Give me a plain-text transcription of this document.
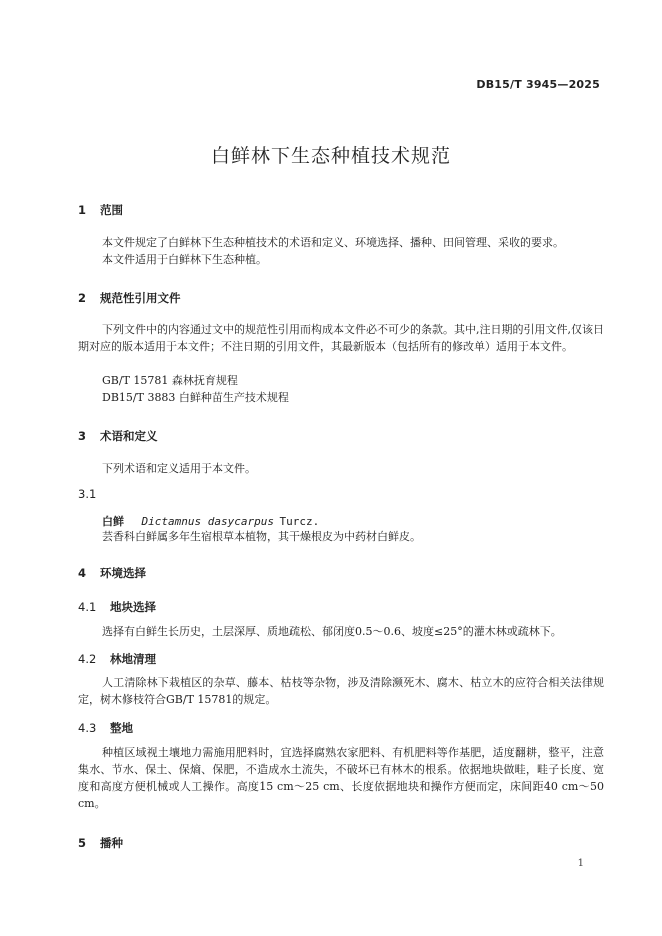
DB15/T 3945—2025
白鲜林下生态种植技术规范
1 范围
本文件规定了白鲜林下生态种植技术的术语和定义、环境选择、播种、田间管理、采收的要求。
本文件适用于白鲜林下生态种植。
2 规范性引用文件
下列文件中的内容通过文中的规范性引用而构成本文件必不可少的条款。其中,注日期的引用文件,仅该日期对应的版本适用于本文件；不注日期的引用文件，其最新版本（包括所有的修改单）适用于本文件。
GB/T 15781 森林抚育规程
DB15/T 3883 白鲜种苗生产技术规程
3 术语和定义
下列术语和定义适用于本文件。
3.1
白鲜 Dictamnus dasycarpus Turcz.
芸香科白鲜属多年生宿根草本植物，其干燥根皮为中药材白鲜皮。
4 环境选择
4.1 地块选择
选择有白鲜生长历史，土层深厚、质地疏松、郁闭度0.5～0.6、坡度≤25°的灌木林或疏林下。
4.2 林地清理
人工清除林下栽植区的杂草、藤本、枯枝等杂物，涉及清除濒死木、腐木、枯立木的应符合相关法律规定，树木修枝符合GB/T 15781的规定。
4.3 整地
种植区域视土壤地力需施用肥料时，宜选择腐熟农家肥料、有机肥料等作基肥，适度翻耕，整平，注意集水、节水、保土、保熵、保肥，不造成水土流失，不破坏已有林木的根系。依据地块做畦，畦子长度、宽度和高度方便机械或人工操作。高度15 cm～25 cm、长度依据地块和操作方便而定，床间距40 cm～50 cm。
5 播种
1
